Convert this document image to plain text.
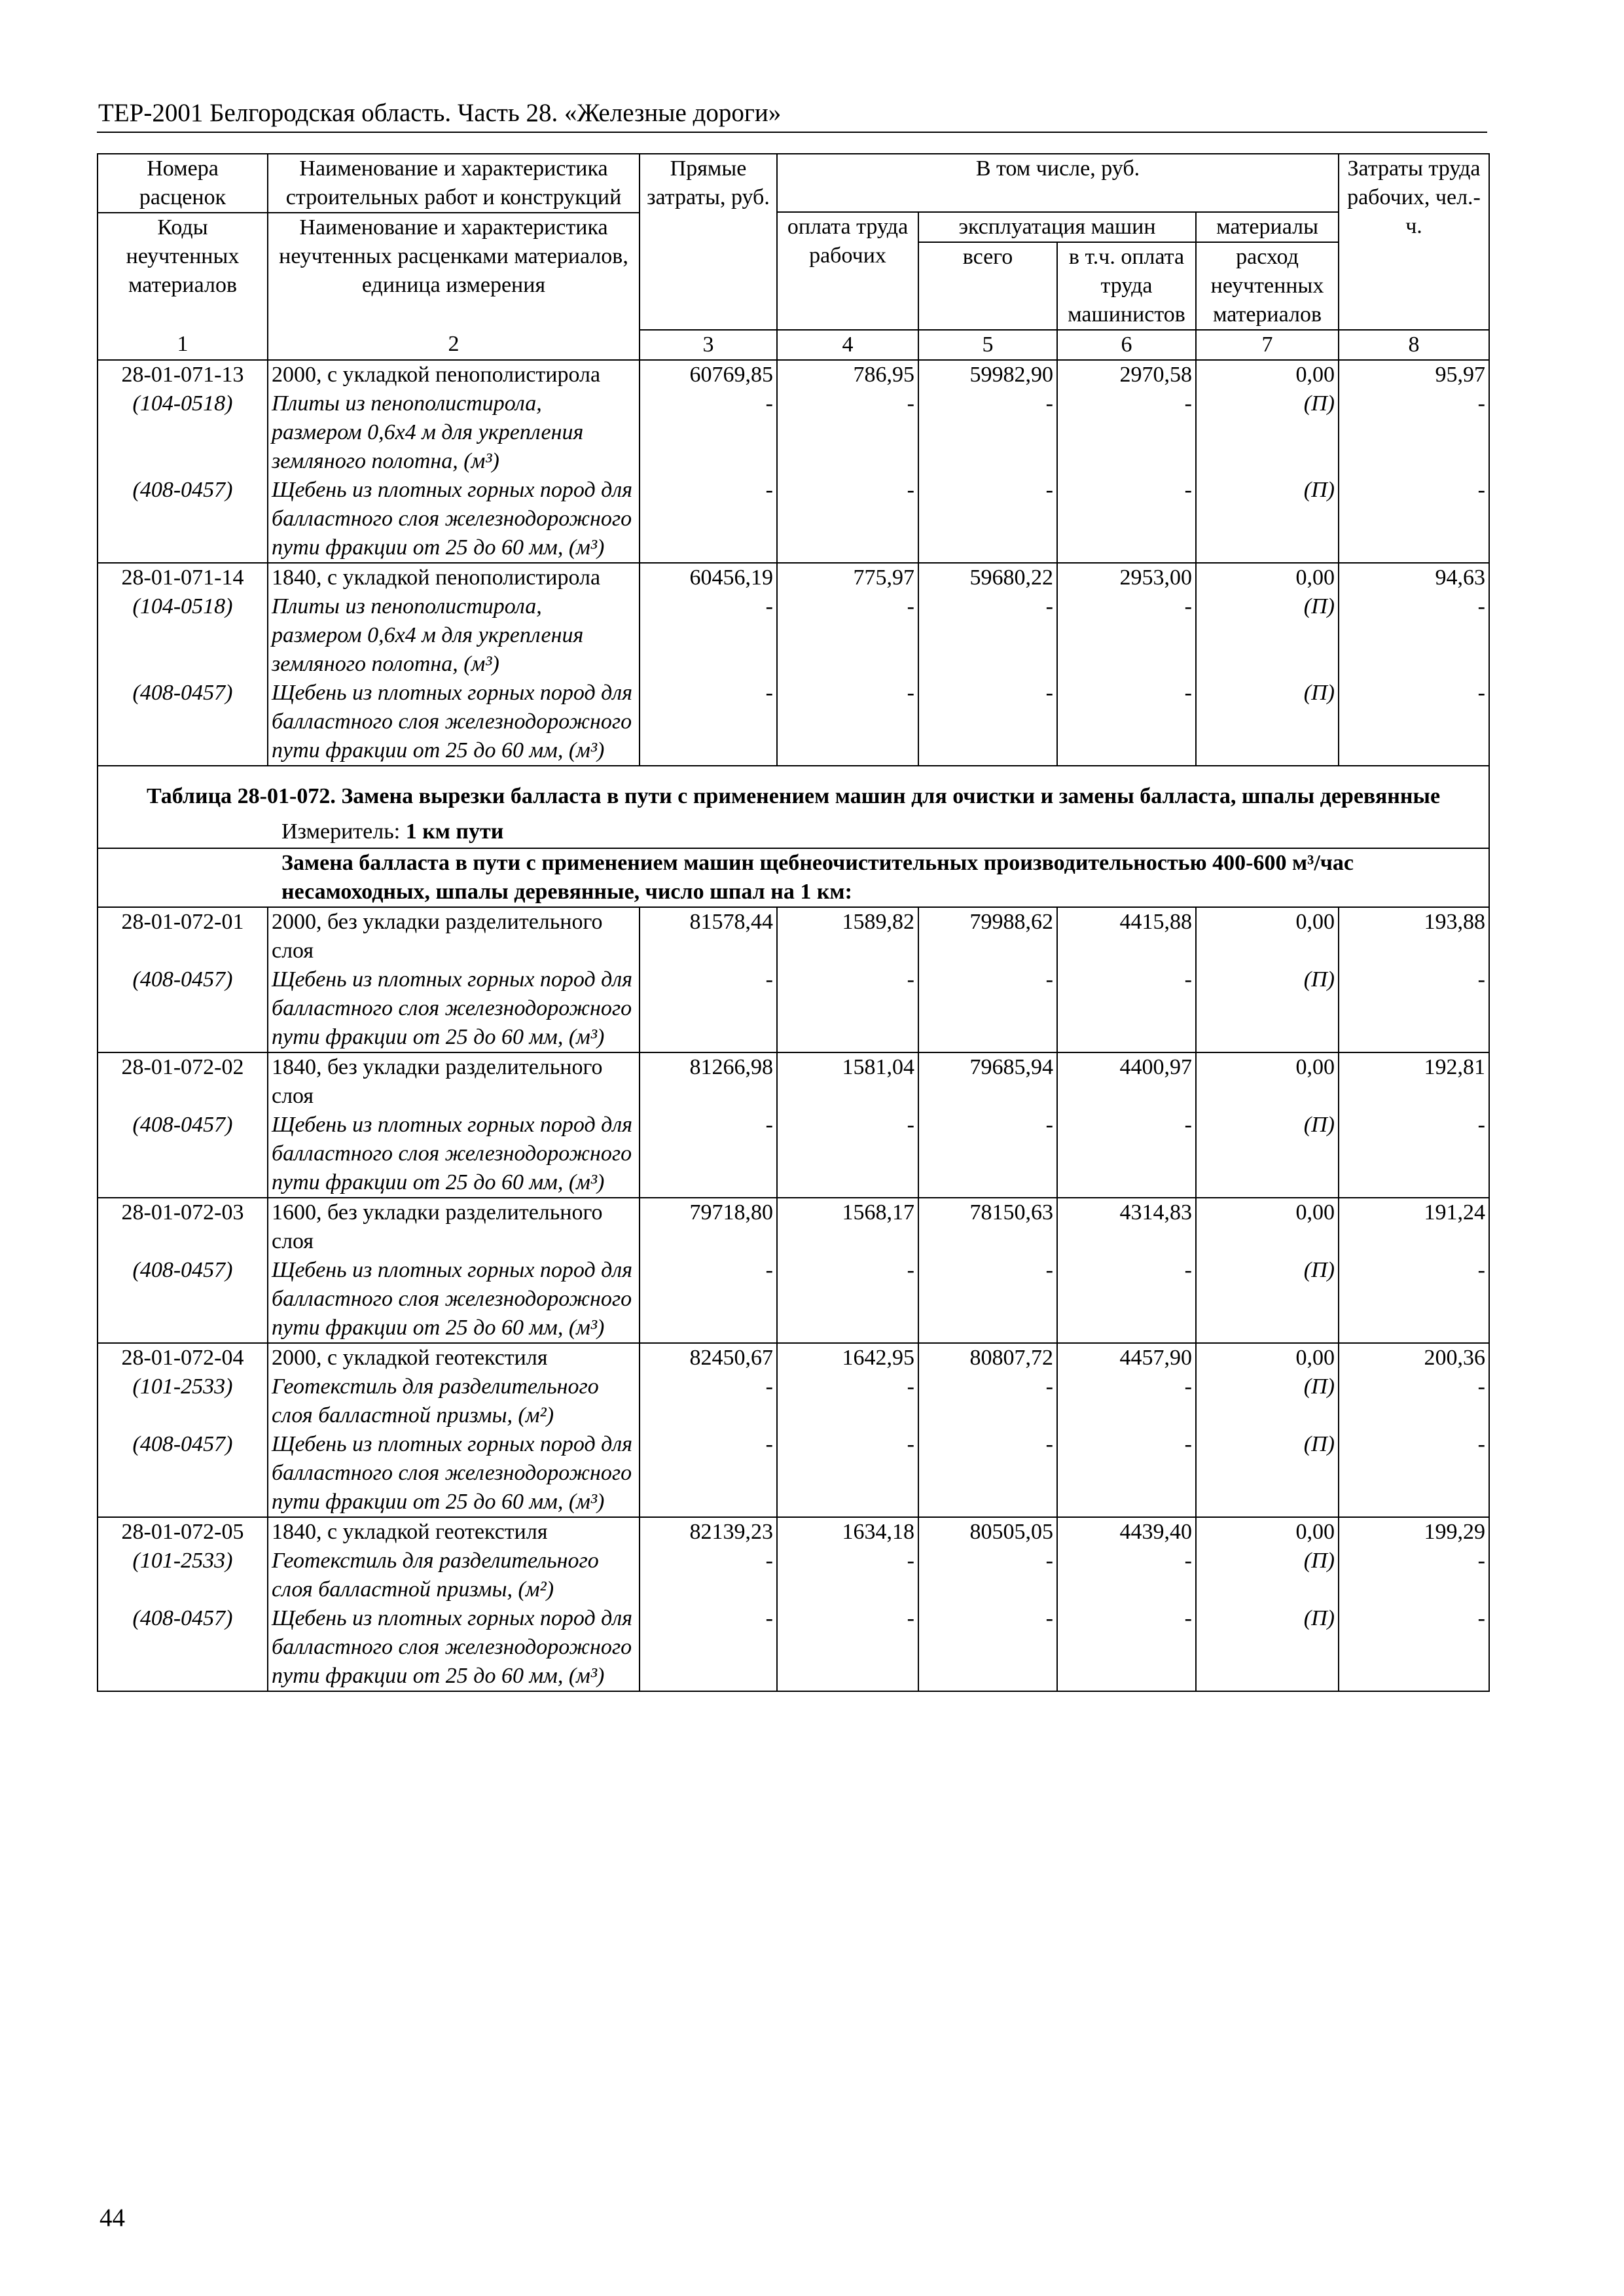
ТЕР-2001 Белгородская область. Часть 28. «Железные дороги»
Номера расценок	Наименование и характеристика строительных работ и конструкций	Прямые затраты, руб.	В том числе, руб.				Затраты труда рабочих, чел.-ч.

Коды неучтенных материалов	Наименование и характеристика неучтенных расценками материалов, единица измерения		оплата труда рабочих	эксплуатация машин		материалы	
				всего	в т.ч. оплата труда машинистов	расход неучтенных материалов	
1	2	3	4	5	6	7	8
28-01-071-13	2000, с укладкой пенополистирола	60769,85	786,95	59982,90	2970,58	0,00	95,97
(104-0518)	Плиты из пенополистирола, размером 0,6х4 м для укрепления земляного полотна, (м³)	-	-	-	-	(П)	-
(408-0457)	Щебень из плотных горных пород для балластного слоя железнодорожного пути фракции от 25 до 60 мм, (м³)	-	-	-	-	(П)	-
28-01-071-14	1840, с укладкой пенополистирола	60456,19	775,97	59680,22	2953,00	0,00	94,63
(104-0518)	Плиты из пенополистирола, размером 0,6х4 м для укрепления земляного полотна, (м³)	-	-	-	-	(П)	-
(408-0457)	Щебень из плотных горных пород для балластного слоя железнодорожного пути фракции от 25 до 60 мм, (м³)	-	-	-	-	(П)	-
Таблица 28-01-072. Замена вырезки балласта в пути с применением машин для очистки и замены балласта, шпалы деревянные							
Измеритель: 1 км пути							
Замена балласта в пути с применением машин щебнеочистительных производительностью 400-600 м³/час несамоходных, шпалы деревянные, число шпал на 1 км:							
28-01-072-01	2000, без укладки разделительного слоя	81578,44	1589,82	79988,62	4415,88	0,00	193,88
(408-0457)	Щебень из плотных горных пород для балластного слоя железнодорожного пути фракции от 25 до 60 мм, (м³)	-	-	-	-	(П)	-
28-01-072-02	1840, без укладки разделительного слоя	81266,98	1581,04	79685,94	4400,97	0,00	192,81
(408-0457)	Щебень из плотных горных пород для балластного слоя железнодорожного пути фракции от 25 до 60 мм, (м³)	-	-	-	-	(П)	-
28-01-072-03	1600, без укладки разделительного слоя	79718,80	1568,17	78150,63	4314,83	0,00	191,24
(408-0457)	Щебень из плотных горных пород для балластного слоя железнодорожного пути фракции от 25 до 60 мм, (м³)	-	-	-	-	(П)	-
28-01-072-04	2000, с укладкой геотекстиля	82450,67	1642,95	80807,72	4457,90	0,00	200,36
(101-2533)	Геотекстиль для разделительного слоя балластной призмы, (м²)	-	-	-	-	(П)	-
(408-0457)	Щебень из плотных горных пород для балластного слоя железнодорожного пути фракции от 25 до 60 мм, (м³)	-	-	-	-	(П)	-
28-01-072-05	1840, с укладкой геотекстиля	82139,23	1634,18	80505,05	4439,40	0,00	199,29
(101-2533)	Геотекстиль для разделительного слоя балластной призмы, (м²)	-	-	-	-	(П)	-
(408-0457)	Щебень из плотных горных пород для балластного слоя железнодорожного пути фракции от 25 до 60 мм, (м³)	-	-	-	-	(П)	-
44
